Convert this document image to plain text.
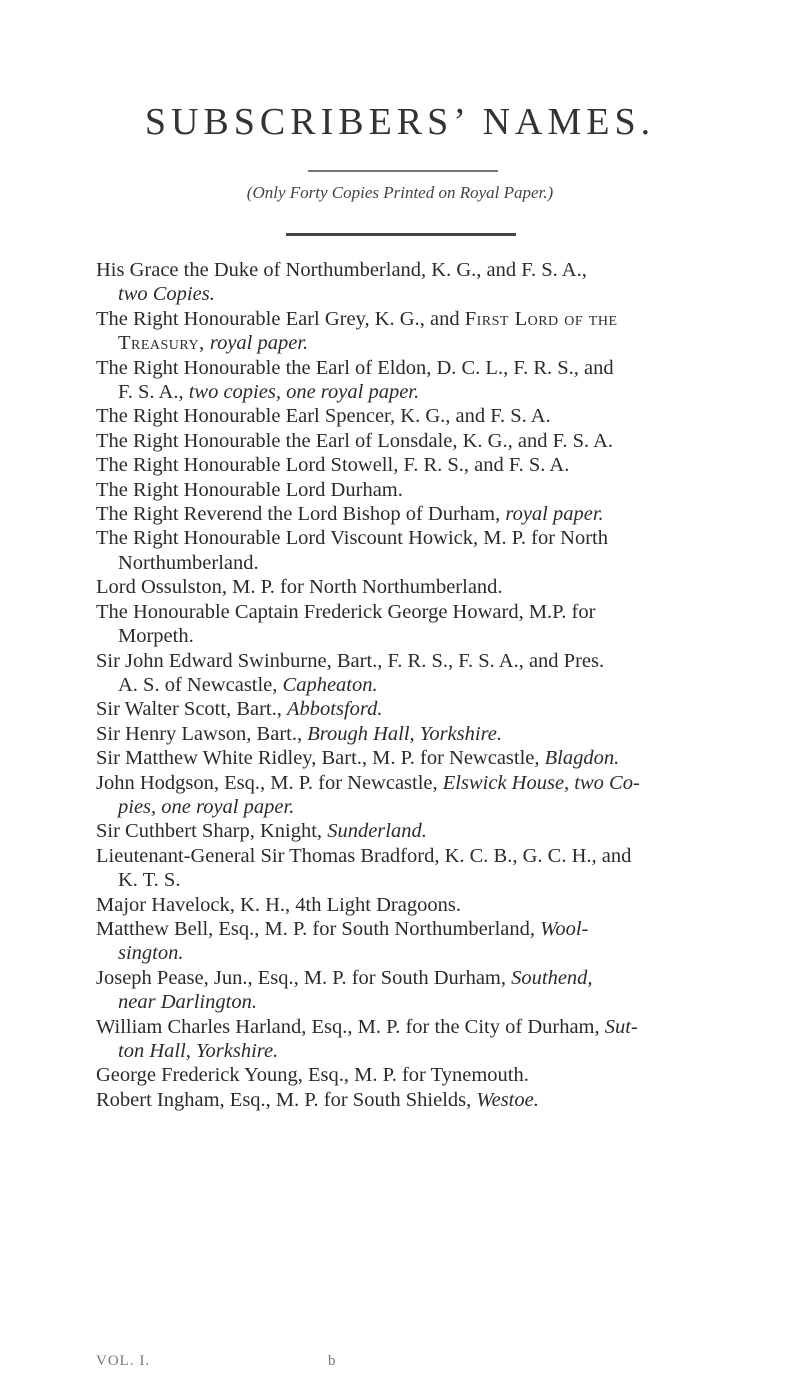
SUBSCRIBERS’ NAMES.
(Only Forty Copies Printed on Royal Paper.)
His Grace the Duke of Northumberland, K. G., and F. S. A.,
two Copies.
The Right Honourable Earl Grey, K. G., and First Lord of the
Treasury, royal paper.
The Right Honourable the Earl of Eldon, D. C. L., F. R. S., and
F. S. A., two copies, one royal paper.
The Right Honourable Earl Spencer, K. G., and F. S. A.
The Right Honourable the Earl of Lonsdale, K. G., and F. S. A.
The Right Honourable Lord Stowell, F. R. S., and F. S. A.
The Right Honourable Lord Durham.
The Right Reverend the Lord Bishop of Durham, royal paper.
The Right Honourable Lord Viscount Howick, M. P. for North
Northumberland.
Lord Ossulston, M. P. for North Northumberland.
The Honourable Captain Frederick George Howard, M.P. for
Morpeth.
Sir John Edward Swinburne, Bart., F. R. S., F. S. A., and Pres.
A. S. of Newcastle, Capheaton.
Sir Walter Scott, Bart., Abbotsford.
Sir Henry Lawson, Bart., Brough Hall, Yorkshire.
Sir Matthew White Ridley, Bart., M. P. for Newcastle, Blagdon.
John Hodgson, Esq., M. P. for Newcastle, Elswick House, two Co-
pies, one royal paper.
Sir Cuthbert Sharp, Knight, Sunderland.
Lieutenant-General Sir Thomas Bradford, K. C. B., G. C. H., and
K. T. S.
Major Havelock, K. H., 4th Light Dragoons.
Matthew Bell, Esq., M. P. for South Northumberland, Wool-
sington.
Joseph Pease, Jun., Esq., M. P. for South Durham, Southend,
near Darlington.
William Charles Harland, Esq., M. P. for the City of Durham, Sut-
ton Hall, Yorkshire.
George Frederick Young, Esq., M. P. for Tynemouth.
Robert Ingham, Esq., M. P. for South Shields, Westoe.
VOL. I.	b
